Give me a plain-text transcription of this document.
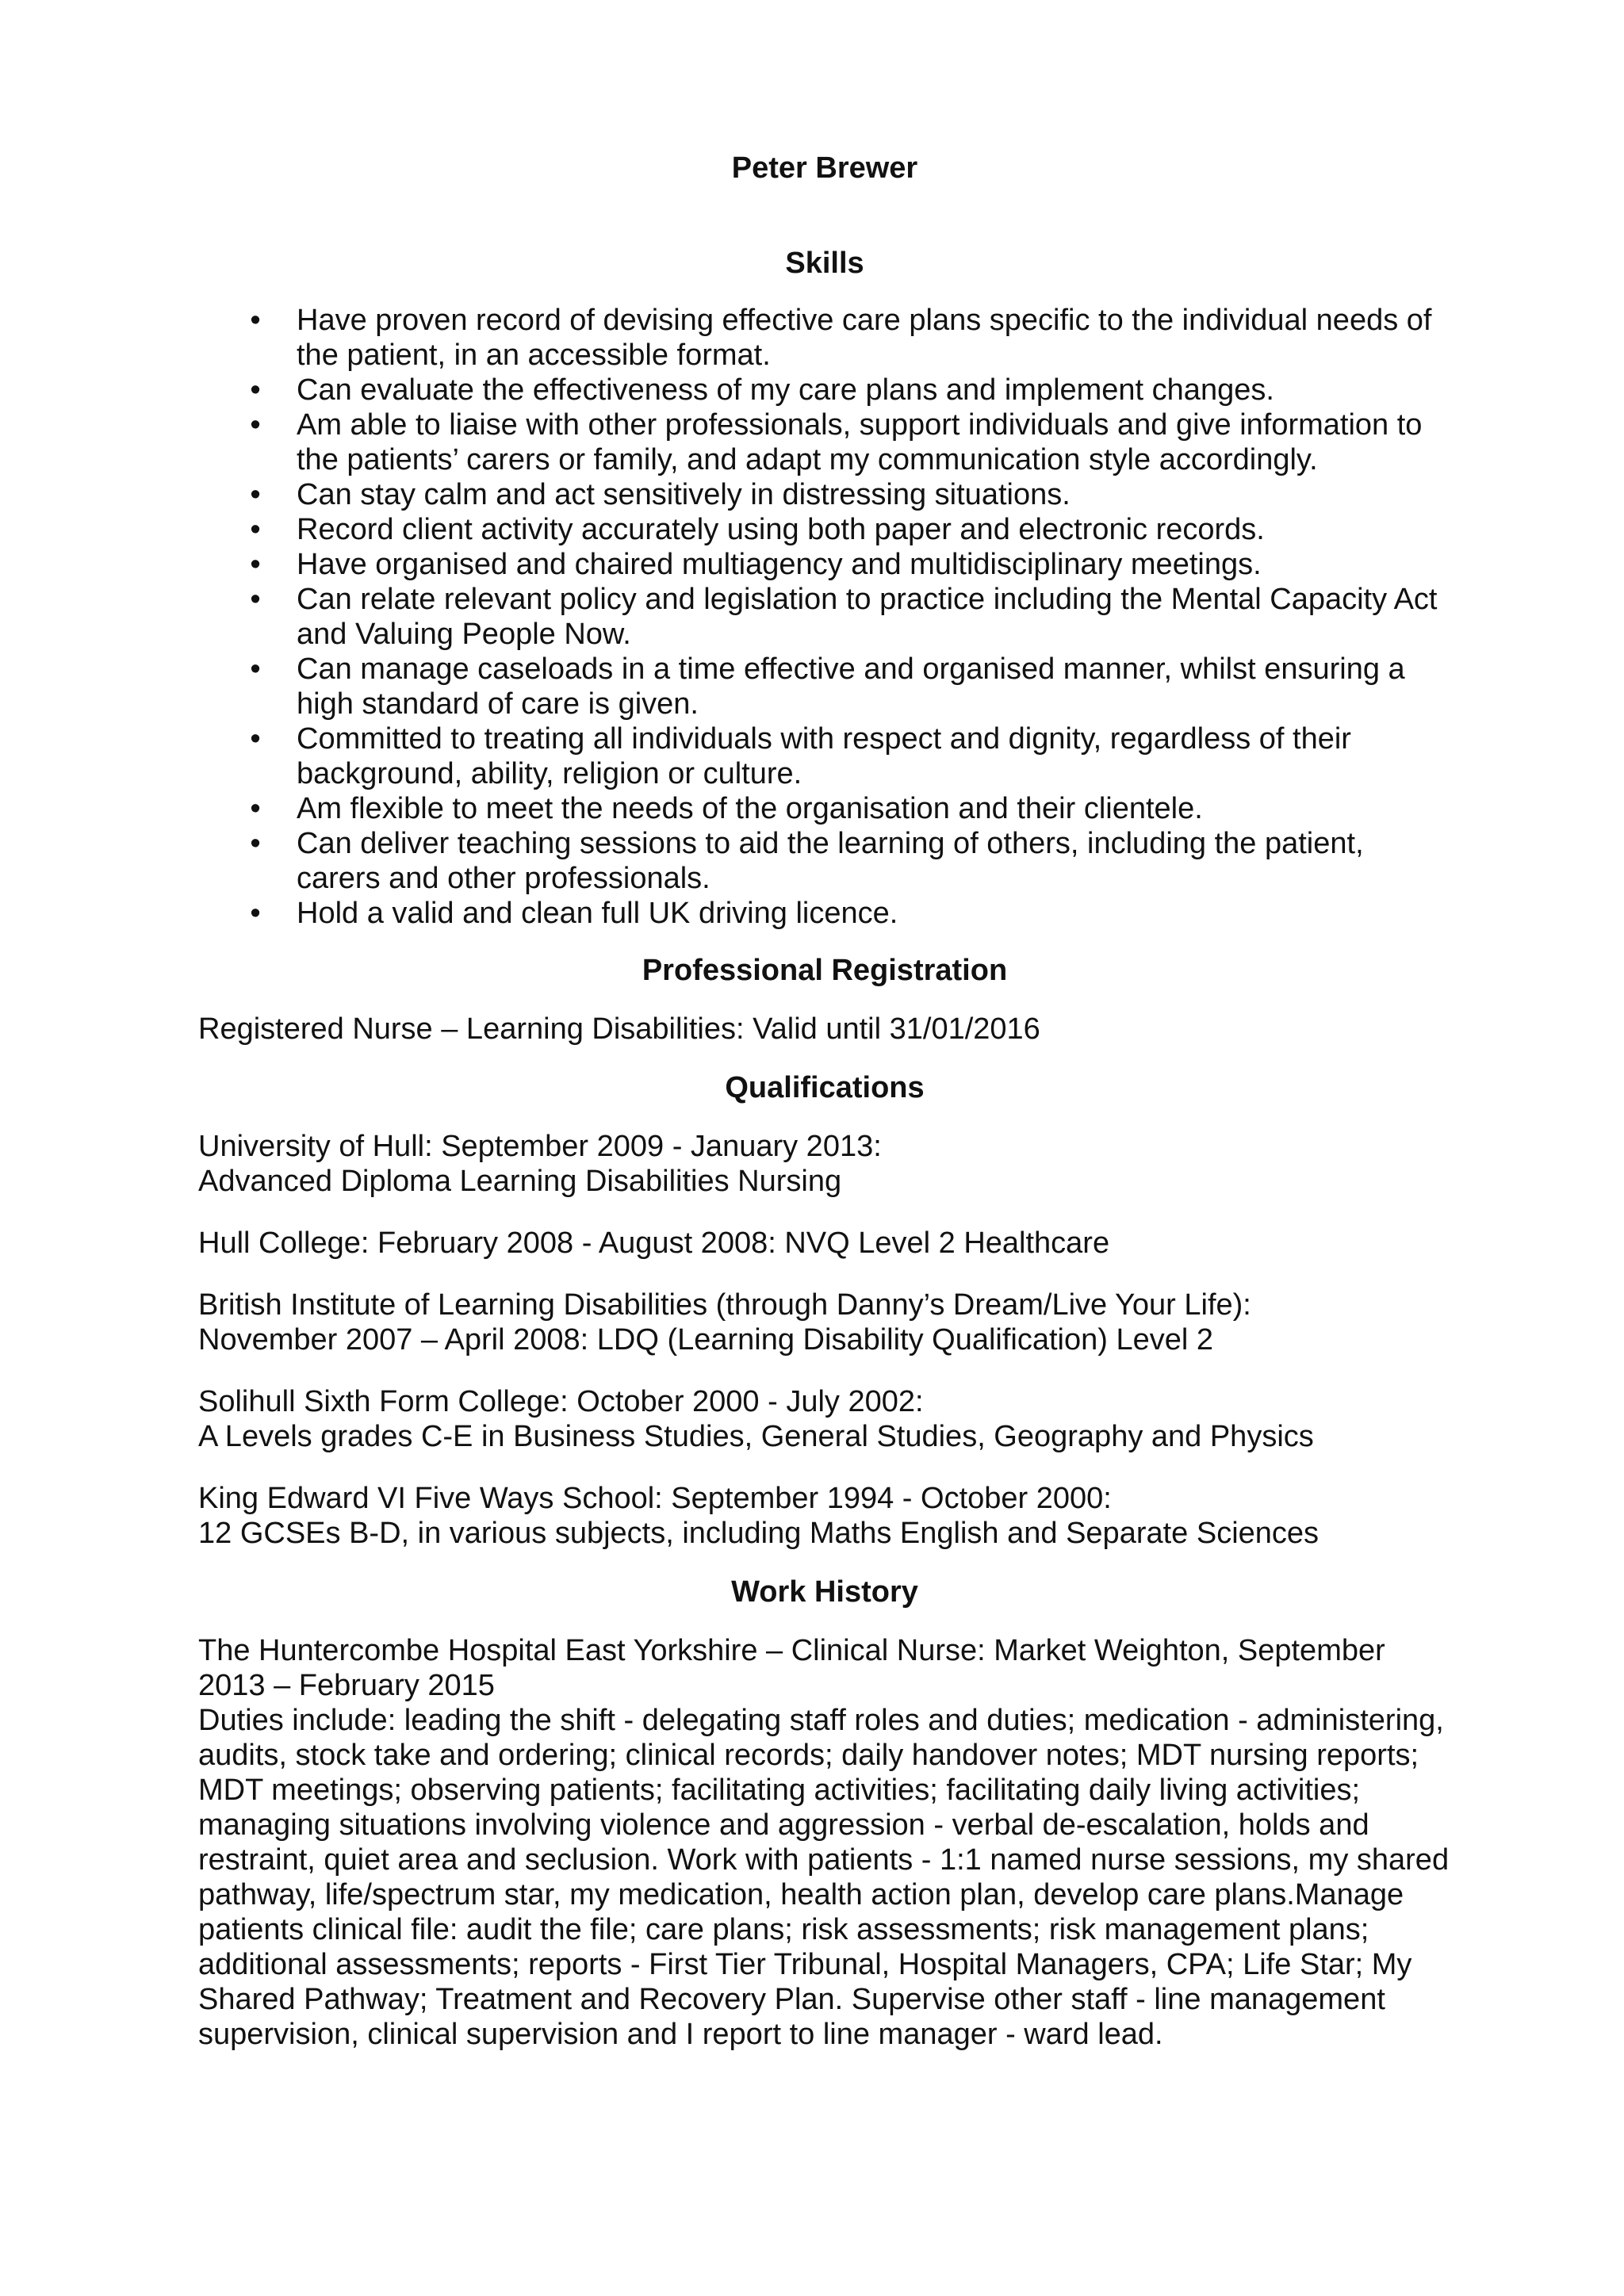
Peter Brewer
Skills
• Have proven record of devising effective care plans specific to the individual needs of the patient, in an accessible format.
• Can evaluate the effectiveness of my care plans and implement changes.
• Am able to liaise with other professionals, support individuals and give information to the patients’ carers or family, and adapt my communication style accordingly.
• Can stay calm and act sensitively in distressing situations.
• Record client activity accurately using both paper and electronic records.
• Have organised and chaired multiagency and multidisciplinary meetings.
• Can relate relevant policy and legislation to practice including the Mental Capacity Act and Valuing People Now.
• Can manage caseloads in a time effective and organised manner, whilst ensuring a high standard of care is given.
• Committed to treating all individuals with respect and dignity, regardless of their background, ability, religion or culture.
• Am flexible to meet the needs of the organisation and their clientele.
• Can deliver teaching sessions to aid the learning of others, including the patient, carers and other professionals.
• Hold a valid and clean full UK driving licence.
Professional Registration

Registered Nurse – Learning Disabilities: Valid until 31/01/2016

Qualifications

University of Hull: September 2009 - January 2013:

Advanced Diploma Learning Disabilities Nursing

Hull College: February 2008 - August 2008: NVQ Level 2 Healthcare

British Institute of Learning Disabilities (through Danny’s Dream/Live Your Life):

November 2007 – April 2008: LDQ (Learning Disability Qualification) Level 2

Solihull Sixth Form College: October 2000 - July 2002:

A Levels grades C-E in Business Studies, General Studies, Geography and Physics

King Edward VI Five Ways School: September 1994 - October 2000:

12 GCSEs B-D, in various subjects, including Maths English and Separate Sciences

Work History

The Huntercombe Hospital East Yorkshire – Clinical Nurse: Market Weighton, September 2013 – February 2015

Duties include: leading the shift - delegating staff roles and duties; medication - administering, audits, stock take and ordering; clinical records; daily handover notes; MDT nursing reports; MDT meetings; observing patients; facilitating activities; facilitating daily living activities; managing situations involving violence and aggression - verbal de-escalation, holds and restraint, quiet area and seclusion. Work with patients - 1:1 named nurse sessions, my shared pathway, life/spectrum star, my medication, health action plan, develop care plans.Manage patients clinical file: audit the file; care plans; risk assessments; risk management plans; additional assessments; reports - First Tier Tribunal, Hospital Managers, CPA; Life Star; My Shared Pathway; Treatment and Recovery Plan. Supervise other staff - line management supervision, clinical supervision and I report to line manager - ward lead.
